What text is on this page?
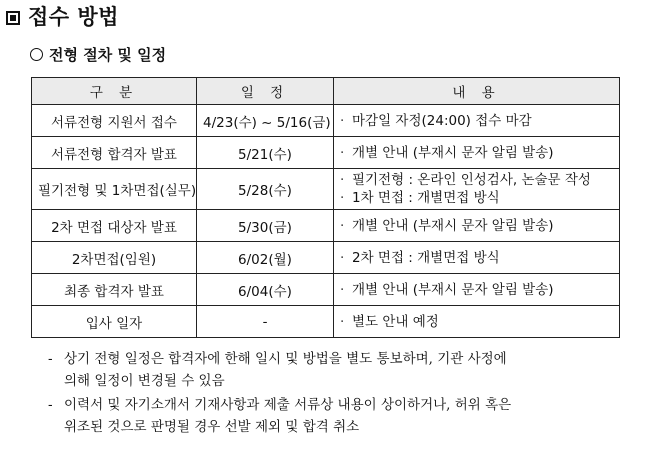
접수 방법
전형 절차 및 일정
구 분	일 정	내 용
서류전형 지원서 접수	4/23(수) ~ 5/16(금)	· 마감일 자정(24:00) 접수 마감

서류전형 합격자 발표	5/21(수)	· 개별 안내 (부재시 문자 알림 발송)

필기전형 및 1차면접(실무)	5/28(수)	· 필기전형 : 온라인 인성검사, 논술문 작성
· 1차 면접 : 개별면접 방식

2차 면접 대상자 발표	5/30(금)	· 개별 안내 (부재시 문자 알림 발송)

2차면접(임원)	6/02(월)	· 2차 면접 : 개별면접 방식

최종 합격자 발표	6/04(수)	· 개별 안내 (부재시 문자 알림 발송)

입사 일자	-	· 별도 안내 예정
- 상기 전형 일정은 합격자에 한해 일시 및 방법을 별도 통보하며, 기관 사정에
의해 일정이 변경될 수 있음
- 이력서 및 자기소개서 기재사항과 제출 서류상 내용이 상이하거나, 허위 혹은
위조된 것으로 판명될 경우 선발 제외 및 합격 취소
